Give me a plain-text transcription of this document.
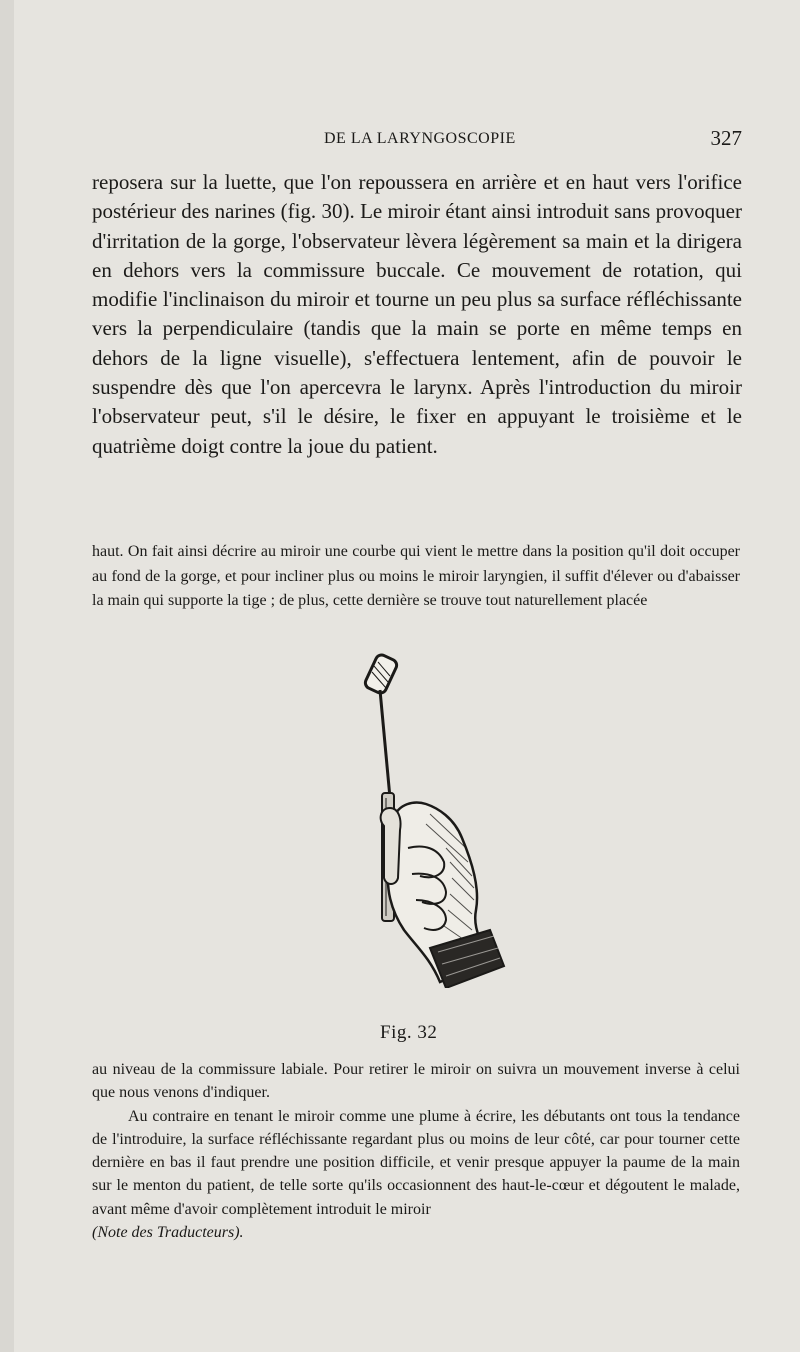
DE LA LARYNGOSCOPIE	327

reposera sur la luette, que l'on repoussera en arrière et en haut vers l'orifice postérieur des narines (fig. 30). Le miroir étant ainsi introduit sans provoquer d'irritation de la gorge, l'observateur lèvera légèrement sa main et la dirigera en dehors vers la commissure buccale. Ce mouvement de rotation, qui modifie l'inclinaison du miroir et tourne un peu plus sa surface réfléchissante vers la perpendiculaire (tandis que la main se porte en même temps en dehors de la ligne visuelle), s'effectuera lentement, afin de pouvoir le suspendre dès que l'on apercevra le larynx. Après l'introduction du miroir l'observateur peut, s'il le désire, le fixer en appuyant le troisième et le quatrième doigt contre la joue du patient.

haut. On fait ainsi décrire au miroir une courbe qui vient le mettre dans la position qu'il doit occuper au fond de la gorge, et pour incliner plus ou moins le miroir laryngien, il suffit d'élever ou d'abaisser la main qui supporte la tige ; de plus, cette dernière se trouve tout naturellement placée

Fig. 32
au niveau de la commissure labiale. Pour retirer le miroir on suivra un mouvement inverse à celui que nous venons d'indiquer.
Au contraire en tenant le miroir comme une plume à écrire, les débutants ont tous la tendance de l'introduire, la surface réfléchissante regardant plus ou moins de leur côté, car pour tourner cette dernière en bas il faut prendre une position difficile, et venir presque appuyer la paume de la main sur le menton du patient, de telle sorte qu'ils occasionnent des haut-le-cœur et dégoutent le malade, avant même d'avoir complètement introduit le miroir
(Note des Traducteurs).
